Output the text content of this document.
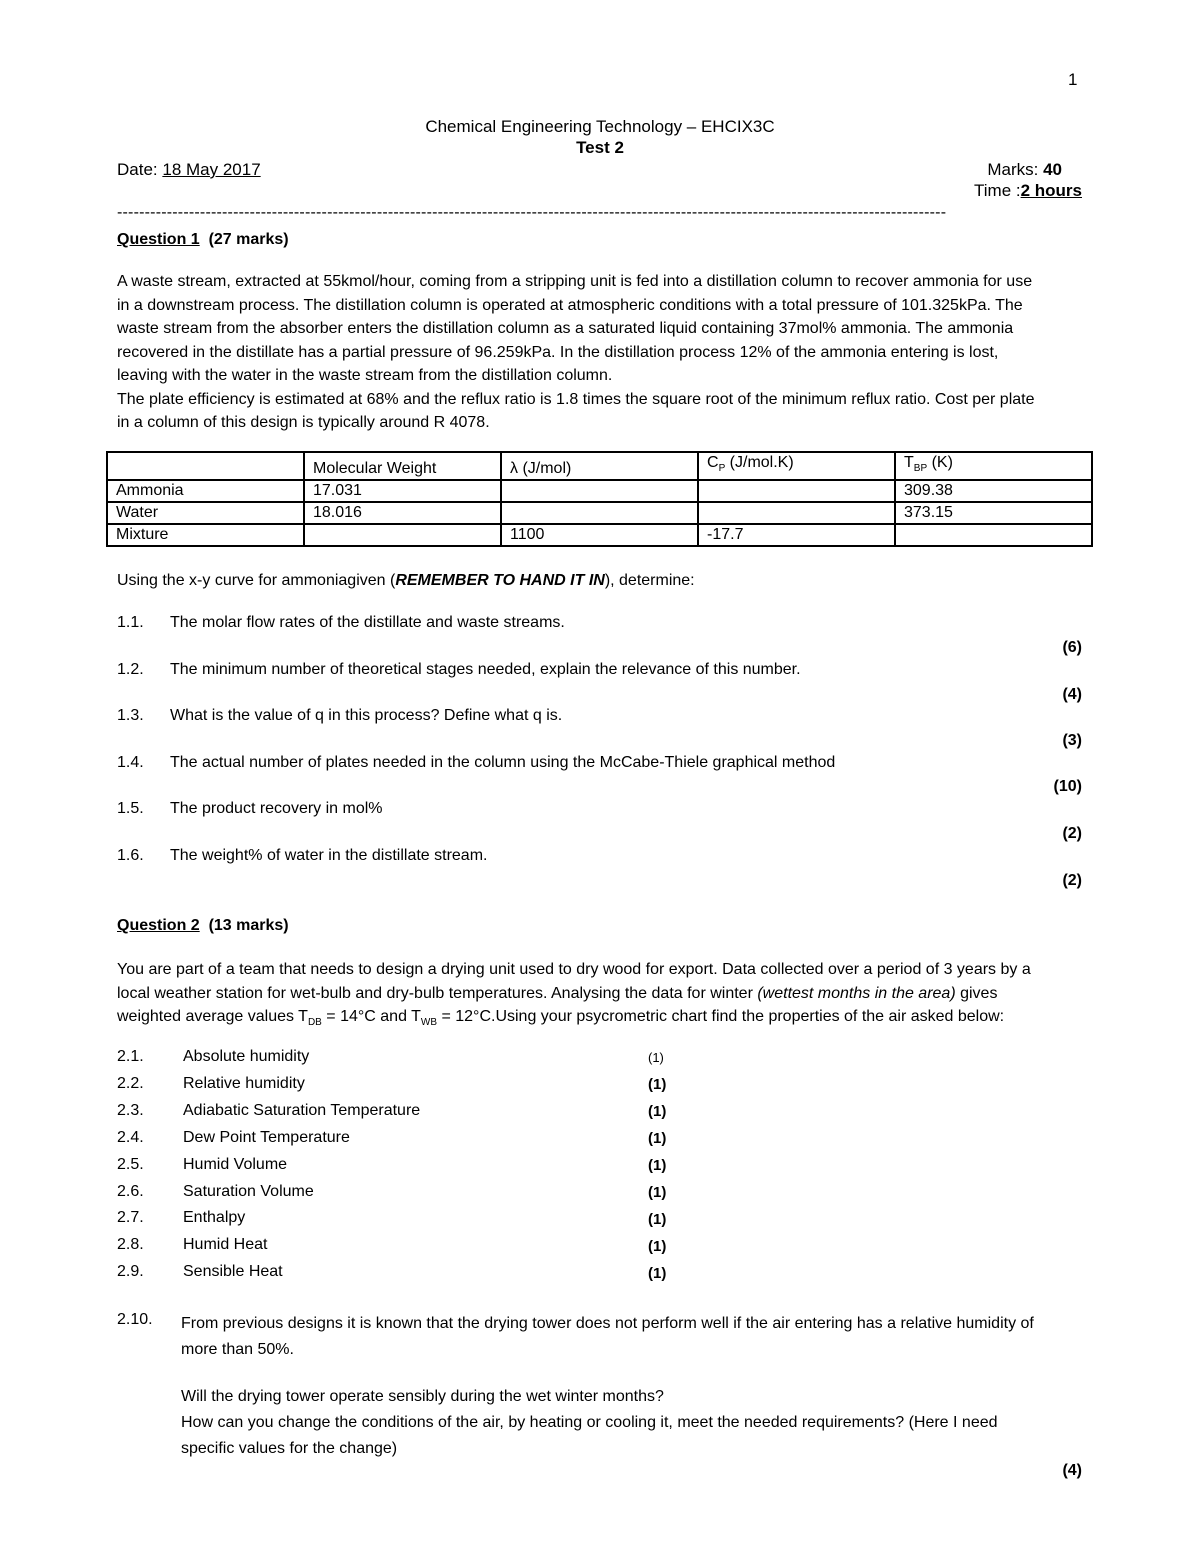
1
Chemical Engineering Technology – EHCIX3C
Test 2
Date: 18 May 2017	Marks: 40
Time :2 hours
------------------------------------------------------------------------------------------------------------------------------------------------------
Question 1 (27 marks)
A waste stream, extracted at 55kmol/hour, coming from a stripping unit is fed into a distillation column to recover ammonia for use
in a downstream process. The distillation column is operated at atmospheric conditions with a total pressure of 101.325kPa. The
waste stream from the absorber enters the distillation column as a saturated liquid containing 37mol% ammonia. The ammonia
recovered in the distillate has a partial pressure of 96.259kPa. In the distillation process 12% of the ammonia entering is lost,
leaving with the water in the waste stream from the distillation column.
The plate efficiency is estimated at 68% and the reflux ratio is 1.8 times the square root of the minimum reflux ratio. Cost per plate
in a column of this design is typically around R 4078.
	Molecular Weight	λ (J/mol)	$C_P$ (J/mol.K)	$T_{BP}$ (K)
Ammonia	17.031			309.38
Water	18.016			373.15
Mixture		1100	-17.7	
Using the x-y curve for ammoniagiven (REMEMBER TO HAND IT IN), determine:
1.1. The molar flow rates of the distillate and waste streams.
(6)
1.2. The minimum number of theoretical stages needed, explain the relevance of this number.
(4)
1.3. What is the value of q in this process? Define what q is.
(3)
1.4. The actual number of plates needed in the column using the McCabe-Thiele graphical method
(10)
1.5. The product recovery in mol%
(2)
1.6. The weight% of water in the distillate stream.
(2)
Question 2 (13 marks)
You are part of a team that needs to design a drying unit used to dry wood for export. Data collected over a period of 3 years by a
local weather station for wet-bulb and dry-bulb temperatures. Analysing the data for winter (wettest months in the area) gives
weighted average values $T_{DB} = 14^\circ C$ and $T_{WB} = 12^\circ C.Using$ your psycrometric chart find the properties of the air asked below:
2.1. Absolute humidity	(1)
2.2. Relative humidity	(1)
2.3. Adiabatic Saturation Temperature	(1)
2.4. Dew Point Temperature	(1)
2.5. Humid Volume	(1)
2.6. Saturation Volume	(1)
2.7. Enthalpy	(1)
2.8. Humid Heat	(1)
2.9. Sensible Heat	(1)
2.10. From previous designs it is known that the drying tower does not perform well if the air entering has a relative humidity of
more than 50%.
Will the drying tower operate sensibly during the wet winter months?
How can you change the conditions of the air, by heating or cooling it, meet the needed requirements? (Here I need
specific values for the change)
(4)
